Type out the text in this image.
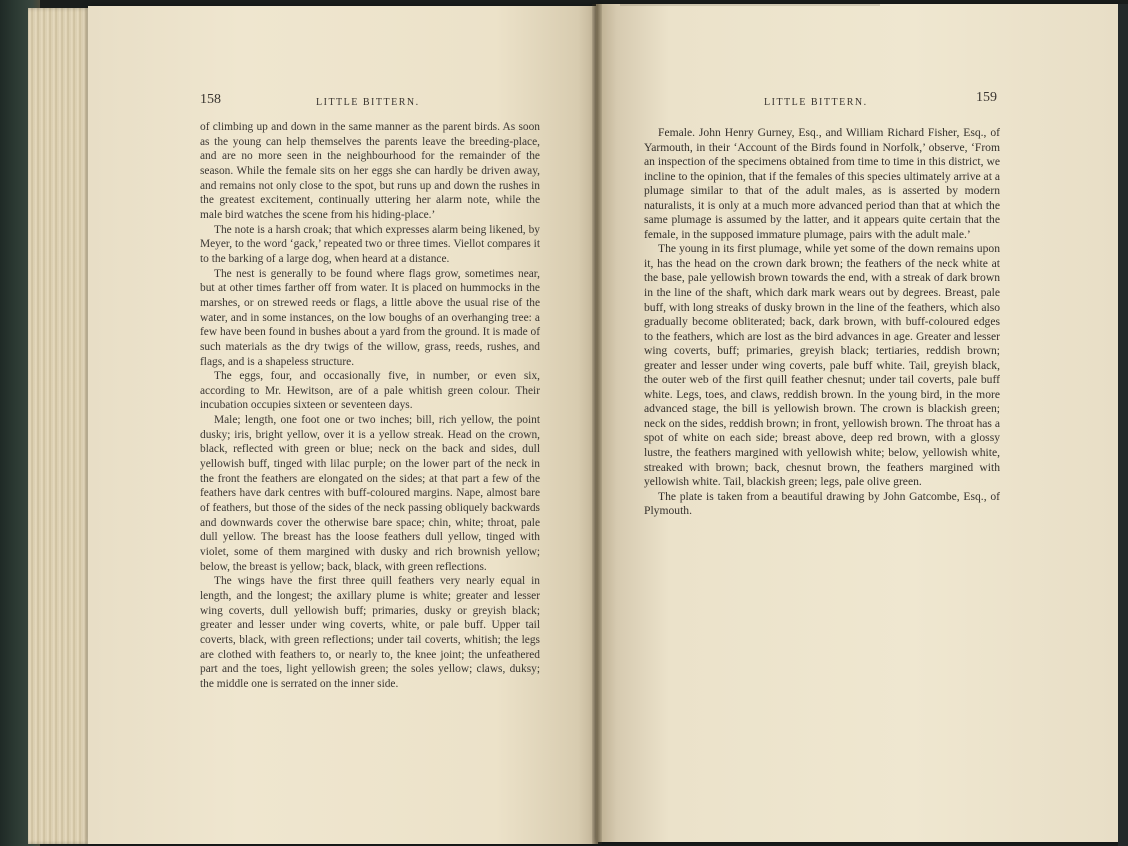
158	LITTLE BITTERN.	LITTLE BITTERN.	159

of climbing up and down in the same manner as the parent birds. As soon as the young can help themselves the parents leave the breeding-place, and are no more seen in the neighbourhood for the remainder of the season. While the female sits on her eggs she can hardly be driven away, and remains not only close to the spot, but runs up and down the rushes in the greatest excitement, continually uttering her alarm note, while the male bird watches the scene from his hiding-place.’

The note is a harsh croak; that which expresses alarm being likened, by Meyer, to the word ‘gack,’ repeated two or three times. Viellot compares it to the barking of a large dog, when heard at a distance.

The nest is generally to be found where flags grow, sometimes near, but at other times farther off from water. It is placed on hummocks in the marshes, or on strewed reeds or flags, a little above the usual rise of the water, and in some instances, on the low boughs of an overhanging tree: a few have been found in bushes about a yard from the ground. It is made of such materials as the dry twigs of the willow, grass, reeds, rushes, and flags, and is a shapeless structure.

The eggs, four, and occasionally five, in number, or even six, according to Mr. Hewitson, are of a pale whitish green colour. Their incubation occupies sixteen or seventeen days.

Male; length, one foot one or two inches; bill, rich yellow, the point dusky; iris, bright yellow, over it is a yellow streak. Head on the crown, black, reflected with green or blue; neck on the back and sides, dull yellowish buff, tinged with lilac purple; on the lower part of the neck in the front the feathers are elongated on the sides; at that part a few of the feathers have dark centres with buff-coloured margins. Nape, almost bare of feathers, but those of the sides of the neck passing obliquely backwards and downwards cover the otherwise bare space; chin, white; throat, pale dull yellow. The breast has the loose feathers dull yellow, tinged with violet, some of them margined with dusky and rich brownish yellow; below, the breast is yellow; back, black, with green reflections.

The wings have the first three quill feathers very nearly equal in length, and the longest; the axillary plume is white; greater and lesser wing coverts, dull yellowish buff; primaries, dusky or greyish black; greater and lesser under wing coverts, white, or pale buff. Upper tail coverts, black, with green reflections; under tail coverts, whitish; the legs are clothed with feathers to, or nearly to, the knee joint; the unfeathered part and the toes, light yellowish green; the soles yellow; claws, duksy; the middle one is serrated on the inner side.

Female. John Henry Gurney, Esq., and William Richard Fisher, Esq., of Yarmouth, in their ‘Account of the Birds found in Norfolk,’ observe, ‘From an inspection of the specimens obtained from time to time in this district, we incline to the opinion, that if the females of this species ultimately arrive at a plumage similar to that of the adult males, as is asserted by modern naturalists, it is only at a much more advanced period than that at which the same plumage is assumed by the latter, and it appears quite certain that the female, in the supposed immature plumage, pairs with the adult male.’

The young in its first plumage, while yet some of the down remains upon it, has the head on the crown dark brown; the feathers of the neck white at the base, pale yellowish brown towards the end, with a streak of dark brown in the line of the shaft, which dark mark wears out by degrees. Breast, pale buff, with long streaks of dusky brown in the line of the feathers, which also gradually become obliterated; back, dark brown, with buff-coloured edges to the feathers, which are lost as the bird advances in age. Greater and lesser wing coverts, buff; primaries, greyish black; tertiaries, reddish brown; greater and lesser under wing coverts, pale buff white. Tail, greyish black, the outer web of the first quill feather chesnut; under tail coverts, pale buff white. Legs, toes, and claws, reddish brown. In the young bird, in the more advanced stage, the bill is yellowish brown. The crown is blackish green; neck on the sides, reddish brown; in front, yellowish brown. The throat has a spot of white on each side; breast above, deep red brown, with a glossy lustre, the feathers margined with yellowish white; below, yellowish white, streaked with brown; back, chesnut brown, the feathers margined with yellowish white. Tail, blackish green; legs, pale olive green.

The plate is taken from a beautiful drawing by John Gatcombe, Esq., of Plymouth.
